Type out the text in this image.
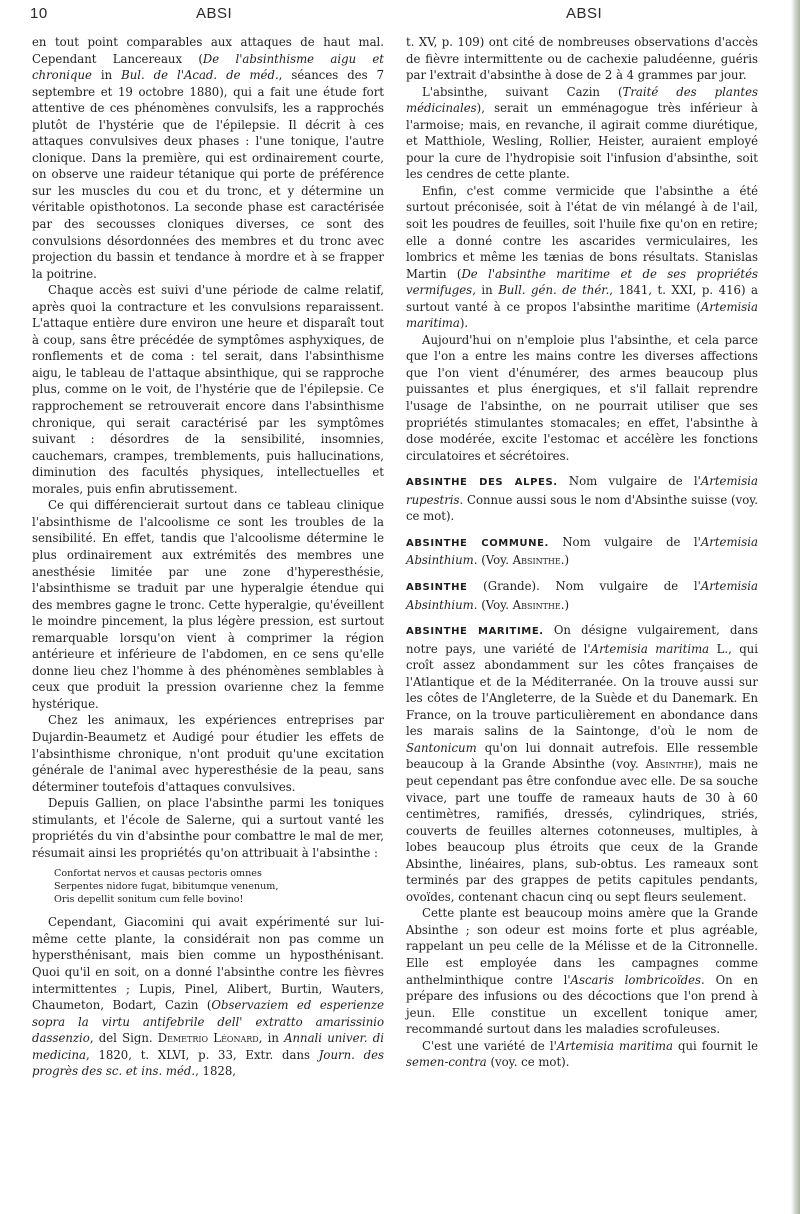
10	ABSI	ABSI

en tout point comparables aux attaques de haut mal. Cependant Lancereaux (De l'absinthisme aigu et chronique in Bul. de l'Acad. de méd., séances des 7 septembre et 19 octobre 1880), qui a fait une étude fort attentive de ces phénomènes convulsifs, les a rapprochés plutôt de l'hystérie que de l'épilepsie. Il décrit à ces attaques convulsives deux phases : l'une tonique, l'autre clonique. Dans la première, qui est ordinairement courte, on observe une raideur tétanique qui porte de préférence sur les muscles du cou et du tronc, et y détermine un véritable opisthotonos. La seconde phase est caractérisée par des secousses cloniques diverses, ce sont des convulsions désordonnées des membres et du tronc avec projection du bassin et tendance à mordre et à se frapper la poitrine.

Chaque accès est suivi d'une période de calme relatif, après quoi la contracture et les convulsions reparaissent. L'attaque entière dure environ une heure et disparaît tout à coup, sans être précédée de symptômes asphyxiques, de ronflements et de coma : tel serait, dans l'absinthisme aigu, le tableau de l'attaque absinthique, qui se rapproche plus, comme on le voit, de l'hystérie que de l'épilepsie. Ce rapprochement se retrouverait encore dans l'absinthisme chronique, qui serait caractérisé par les symptômes suivant : désordres de la sensibilité, insomnies, cauchemars, crampes, tremblements, puis hallucinations, diminution des facultés physiques, intellectuelles et morales, puis enfin abrutissement.

Ce qui différencierait surtout dans ce tableau clinique l'absinthisme de l'alcoolisme ce sont les troubles de la sensibilité. En effet, tandis que l'alcoolisme détermine le plus ordinairement aux extrémités des membres une anesthésie limitée par une zone d'hyperesthésie, l'absinthisme se traduit par une hyperalgie étendue qui des membres gagne le tronc. Cette hyperalgie, qu'éveillent le moindre pincement, la plus légère pression, est surtout remarquable lorsqu'on vient à comprimer la région antérieure et inférieure de l'abdomen, en ce sens qu'elle donne lieu chez l'homme à des phénomènes semblables à ceux que produit la pression ovarienne chez la femme hystérique.

Chez les animaux, les expériences entreprises par Dujardin-Beaumetz et Audigé pour étudier les effets de l'absinthisme chronique, n'ont produit qu'une excitation générale de l'animal avec hyperesthésie de la peau, sans déterminer toutefois d'attaques convulsives.

Depuis Gallien, on place l'absinthe parmi les toniques stimulants, et l'école de Salerne, qui a surtout vanté les propriétés du vin d'absinthe pour combattre le mal de mer, résumait ainsi les propriétés qu'on attribuait à l'absinthe :

Confortat nervos et causas pectoris omnes
Serpentes nidore fugat, bibitumque venenum,
Oris depellit sonitum cum felle bovino!

Cependant, Giacomini qui avait expérimenté sur lui-même cette plante, la considérait non pas comme un hypersthénisant, mais bien comme un hyposthénisant. Quoi qu'il en soit, on a donné l'absinthe contre les fièvres intermittentes ; Lupis, Pinel, Alibert, Burtin, Wauters, Chaumeton, Bodart, Cazin (Observaziem ed esperienze sopra la virtu antifebrile dell' extratto amarissinio dassenzio, del Sign. Demetrio Léonard, in Annali univer. di medicina, 1820, t. XLVI, p. 33, Extr. dans Journ. des progrès des sc. et ins. méd., 1828,

t. XV, p. 109) ont cité de nombreuses observations d'accès de fièvre intermittente ou de cachexie paludéenne, guéris par l'extrait d'absinthe à dose de 2 à 4 grammes par jour.

L'absinthe, suivant Cazin (Traité des plantes médicinales), serait un emménagogue très inférieur à l'armoise; mais, en revanche, il agirait comme diurétique, et Matthiole, Wesling, Rollier, Heister, auraient employé pour la cure de l'hydropisie soit l'infusion d'absinthe, soit les cendres de cette plante.

Enfin, c'est comme vermicide que l'absinthe a été surtout préconisée, soit à l'état de vin mélangé à de l'ail, soit les poudres de feuilles, soit l'huile fixe qu'on en retire; elle a donné contre les ascarides vermiculaires, les lombrics et même les tænias de bons résultats. Stanislas Martin (De l'absinthe maritime et de ses propriétés vermifuges, in Bull. gén. de thér., 1841, t. XXI, p. 416) a surtout vanté à ce propos l'absinthe maritime (Artemisia maritima).

Aujourd'hui on n'emploie plus l'absinthe, et cela parce que l'on a entre les mains contre les diverses affections que l'on vient d'énumérer, des armes beaucoup plus puissantes et plus énergiques, et s'il fallait reprendre l'usage de l'absinthe, on ne pourrait utiliser que ses propriétés stimulantes stomacales; en effet, l'absinthe à dose modérée, excite l'estomac et accélère les fonctions circulatoires et sécrétoires.

ABSINTHE DES ALPES. Nom vulgaire de l'Artemisia rupestris. Connue aussi sous le nom d'Absinthe suisse (voy. ce mot).

ABSINTHE COMMUNE. Nom vulgaire de l'Artemisia Absinthium. (Voy. Absinthe.)

ABSINTHE (Grande). Nom vulgaire de l'Artemisia Absinthium. (Voy. Absinthe.)

ABSINTHE MARITIME. On désigne vulgairement, dans notre pays, une variété de l'Artemisia maritima L., qui croît assez abondamment sur les côtes françaises de l'Atlantique et de la Méditerranée. On la trouve aussi sur les côtes de l'Angleterre, de la Suède et du Danemark. En France, on la trouve particulièrement en abondance dans les marais salins de la Saintonge, d'où le nom de Santonicum qu'on lui donnait autrefois. Elle ressemble beaucoup à la Grande Absinthe (voy. Absinthe), mais ne peut cependant pas être confondue avec elle. De sa souche vivace, part une touffe de rameaux hauts de 30 à 60 centimètres, ramifiés, dressés, cylindriques, striés, couverts de feuilles alternes cotonneuses, multiples, à lobes beaucoup plus étroits que ceux de la Grande Absinthe, linéaires, plans, sub-obtus. Les rameaux sont terminés par des grappes de petits capitules pendants, ovoïdes, contenant chacun cinq ou sept fleurs seulement.

Cette plante est beaucoup moins amère que la Grande Absinthe ; son odeur est moins forte et plus agréable, rappelant un peu celle de la Mélisse et de la Citronnelle. Elle est employée dans les campagnes comme anthelminthique contre l'Ascaris lombricoïdes. On en prépare des infusions ou des décoctions que l'on prend à jeun. Elle constitue un excellent tonique amer, recommandé surtout dans les maladies scrofuleuses.

C'est une variété de l'Artemisia maritima qui fournit le semen-contra (voy. ce mot).
